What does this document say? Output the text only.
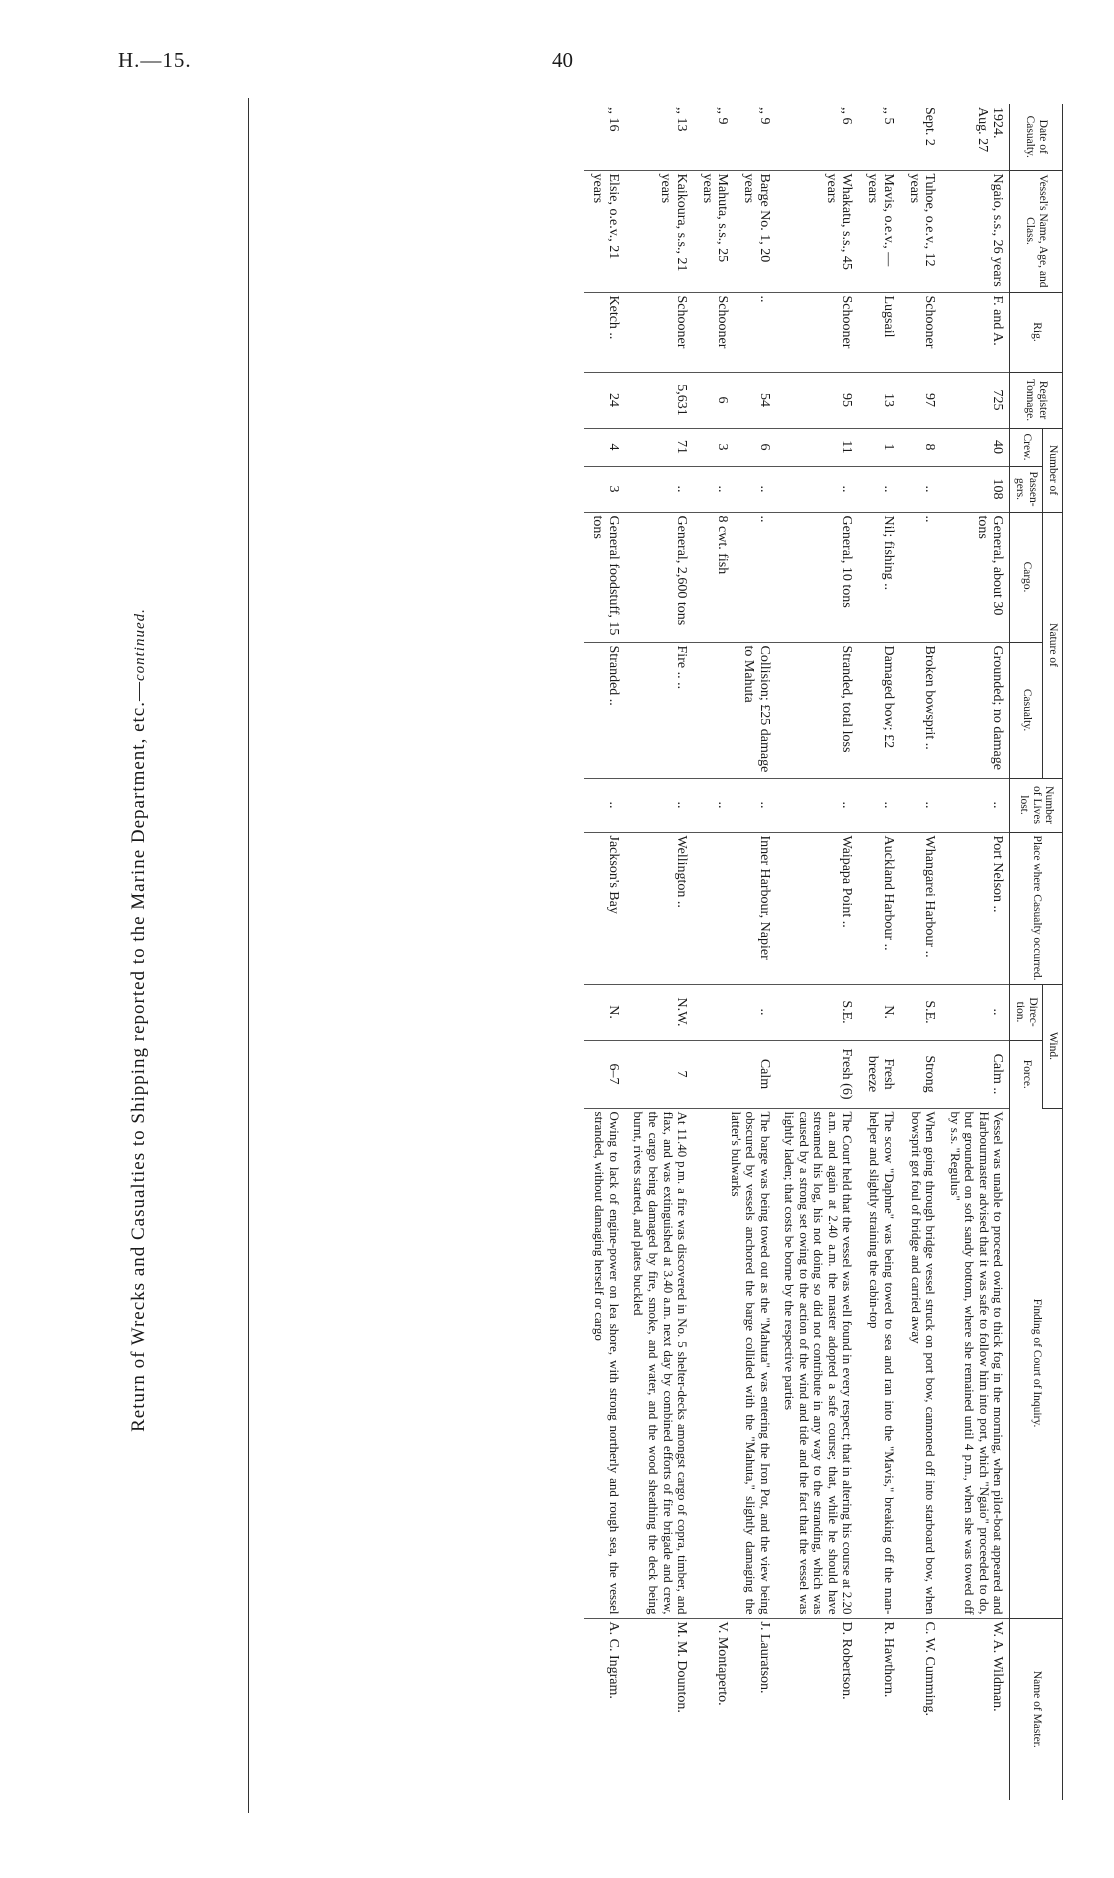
H.—15.	40
Return of Wrecks and Casualties to Shipping reported to the Marine Department, etc.—continued.
Date of Casualty.	Vessel's Name, Age, and Class.	Rig.	Register Tonnage.	Number of		Nature of		Number of Lives lost.	Place where Casualty occurred.	Wind.		Finding of Court of Inquiry.	Name of Master.
				Crew.	Passen- gers.	Cargo.	Casualty.			Direc- tion.	Force.		
1924. Aug. 27	Ngaio, s.s., 26 years	F. and A.	725	40	108	General, about 30 tons	Grounded; no damage	..	Port Nelson ..	..	Calm ..	Vessel was unable to proceed owing to thick fog in the morning, when pilot-boat appeared and Harbourmaster advised that it was safe to follow him into port, which "Ngaio" proceeded to do, but grounded on soft sandy bottom, where she remained until 4 p.m., when she was towed off by s.s. "Regulus"	W. A. Wildman.
Sept. 2	Tuhoe, o.e.v., 12 years	Schooner	97	8	..	..	Broken bowsprit ..	..	Whangarei Harbour ..	S.E.	Strong	When going through bridge vessel struck on port bow, cannoned off into starboard bow, when bowsprit got foul of bridge and carried away	C. W. Cumming.
,, 5	Mavis, o.e.v., — years	Lugsail	13	1	..	Nil; fishing ..	Damaged bow; £2	..	Auckland Harbour ..	N.	Fresh breeze	The scow "Daphne" was being towed to sea and ran into the "Mavis," breaking off the man-helper and slightly straining the cabin-top	R. Hawthorn.
,, 6	Whakatu, s.s., 45 years	Schooner	95	11	..	General, 10 tons	Stranded, total loss	..	Waipapa Point ..	S.E.	Fresh (6)	The Court held that the vessel was well found in every respect; that in altering his course at 2.20 a.m. and again at 2.40 a.m. the master adopted a safe course; that, while he should have streamed his log, his not doing so did not contribute in any way to the stranding, which was caused by a strong set owing to the action of the wind and tide and the fact that the vessel was lightly laden; that costs be borne by the respective parties	D. Robertson.
,, 9	Barge No. 1, 20 years	..	54	6	..	..	Collision; £25 damage to Mahuta	..	Inner Harbour, Napier	..	Calm	The barge was being towed out as the "Mahuta" was entering the Iron Pot, and the view being obscured by vessels anchored the barge collided with the "Mahuta," slightly damaging the latter's bulwarks	J. Lauratson.
,, 9	Mahuta, s.s., 25 years	Schooner	6	3	..	8 cwt. fish		..					V. Montaperto.
,, 13	Kaikoura, s.s., 21 years	Schooner	5,631	71	..	General, 2,600 tons	Fire .. ..	..	Wellington ..	N.W.	7	At 11.40 p.m. a fire was discovered in No. 5 shelter-decks amongst cargo of copra, timber, and flax, and was extinguished at 3.40 a.m. next day by combined efforts of fire brigade and crew, the cargo being damaged by fire, smoke, and water, and the wood sheathing the deck being burnt, rivets started, and plates buckled	M. M. Dounton.
,, 16	Elsie, o.e.v., 21 years	Ketch ..	24	4	3	General foodstuff, 15 tons	Stranded ..	..	Jackson's Bay	N.	6–7	Owing to lack of engine-power on lea shore, with strong northerly and rough sea, the vessel stranded, without damaging herself or cargo	A. C. Ingram.
